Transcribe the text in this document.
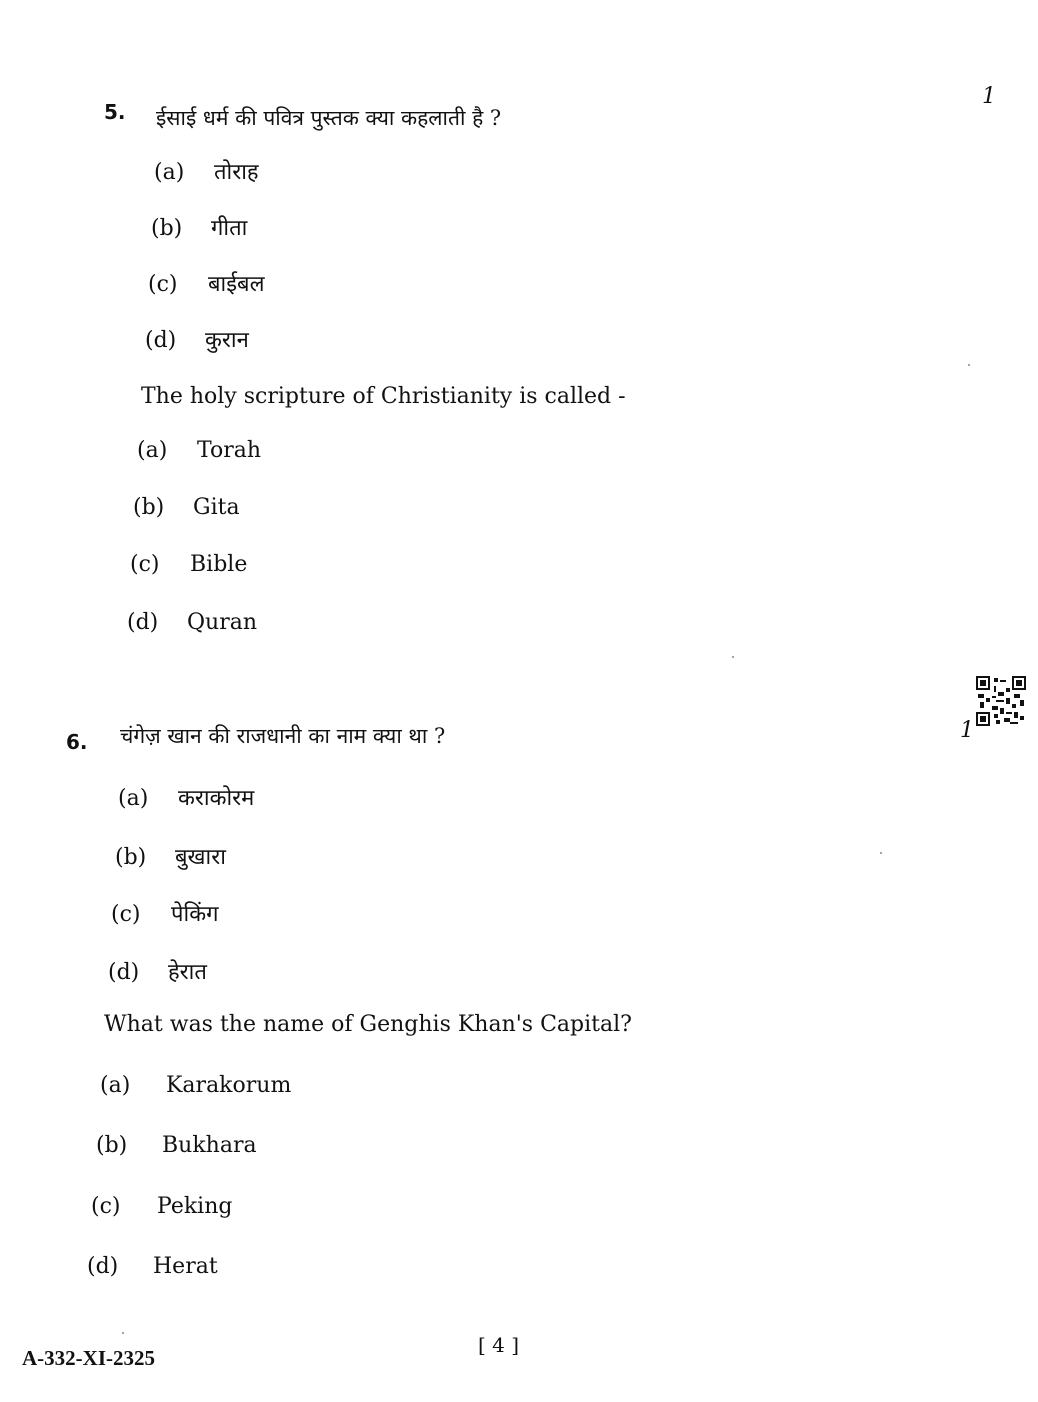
5. ईसाई धर्म की पवित्र पुस्तक क्या कहलाती है ?
1
(a) तोराह
(b) गीता
(c) बाईबल
(d) कुरान
The holy scripture of Christianity is called -
(a) Torah
(b) Gita
(c) Bible
(d) Quran
6. चंगेज़ खान की राजधानी का नाम क्या था ?	1
(a) कराकोरम
(b) बुखारा
(c) पेकिंग
(d) हेरात
What was the name of Genghis Khan's Capital?
(a) Karakorum
(b) Bukhara
(c) Peking
(d) Herat
A-332-XI-2325
[ 4 ]
